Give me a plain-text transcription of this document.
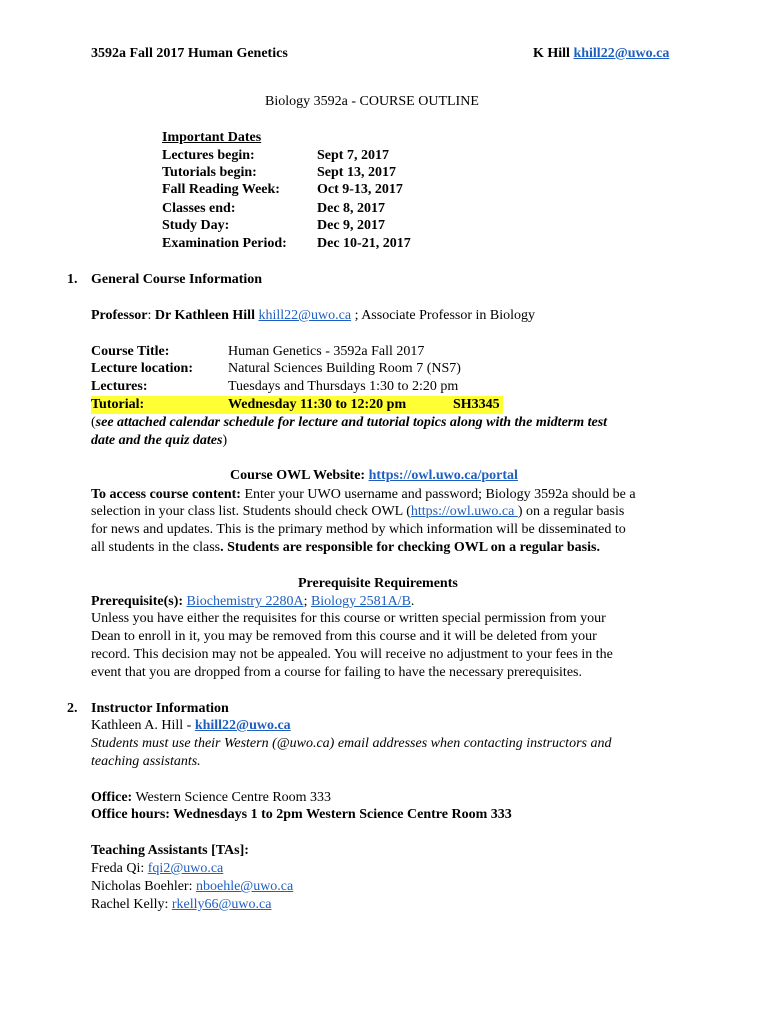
3592a Fall 2017 Human Genetics	K Hill khill22@uwo.ca
Biology 3592a - COURSE OUTLINE
Important Dates
Lectures begin:	Sept 7, 2017
Tutorials begin:	Sept 13, 2017
Fall Reading Week:	Oct 9-13, 2017
Classes end:	Dec 8, 2017
Study Day:	Dec 9, 2017
Examination Period: Dec 10-21, 2017
1. General Course Information
Professor: Dr Kathleen Hill khill22@uwo.ca ; Associate Professor in Biology
Course Title:	Human Genetics - 3592a Fall 2017
Lecture location:	Natural Sciences Building Room 7 (NS7)
Lectures:	Tuesdays and Thursdays 1:30 to 2:20 pm
Tutorial:	Wednesday 11:30 to 12:20 pm	SH3345
(see attached calendar schedule for lecture and tutorial topics along with the midterm test
date and the quiz dates)
Course OWL Website: https://owl.uwo.ca/portal
To access course content: Enter your UWO username and password; Biology 3592a should be a
selection in your class list. Students should check OWL (https://owl.uwo.ca ) on a regular basis
for news and updates. This is the primary method by which information will be disseminated to
all students in the class. Students are responsible for checking OWL on a regular basis.
Prerequisite Requirements
Prerequisite(s): Biochemistry 2280A; Biology 2581A/B.
Unless you have either the requisites for this course or written special permission from your
Dean to enroll in it, you may be removed from this course and it will be deleted from your
record. This decision may not be appealed. You will receive no adjustment to your fees in the
event that you are dropped from a course for failing to have the necessary prerequisites.
2. Instructor Information
Kathleen A. Hill - khill22@uwo.ca
Students must use their Western (@uwo.ca) email addresses when contacting instructors and
teaching assistants.
Office: Western Science Centre Room 333
Office hours: Wednesdays 1 to 2pm Western Science Centre Room 333
Teaching Assistants [TAs]:
Freda Qi: fqi2@uwo.ca
Nicholas Boehler: nboehle@uwo.ca
Rachel Kelly: rkelly66@uwo.ca
